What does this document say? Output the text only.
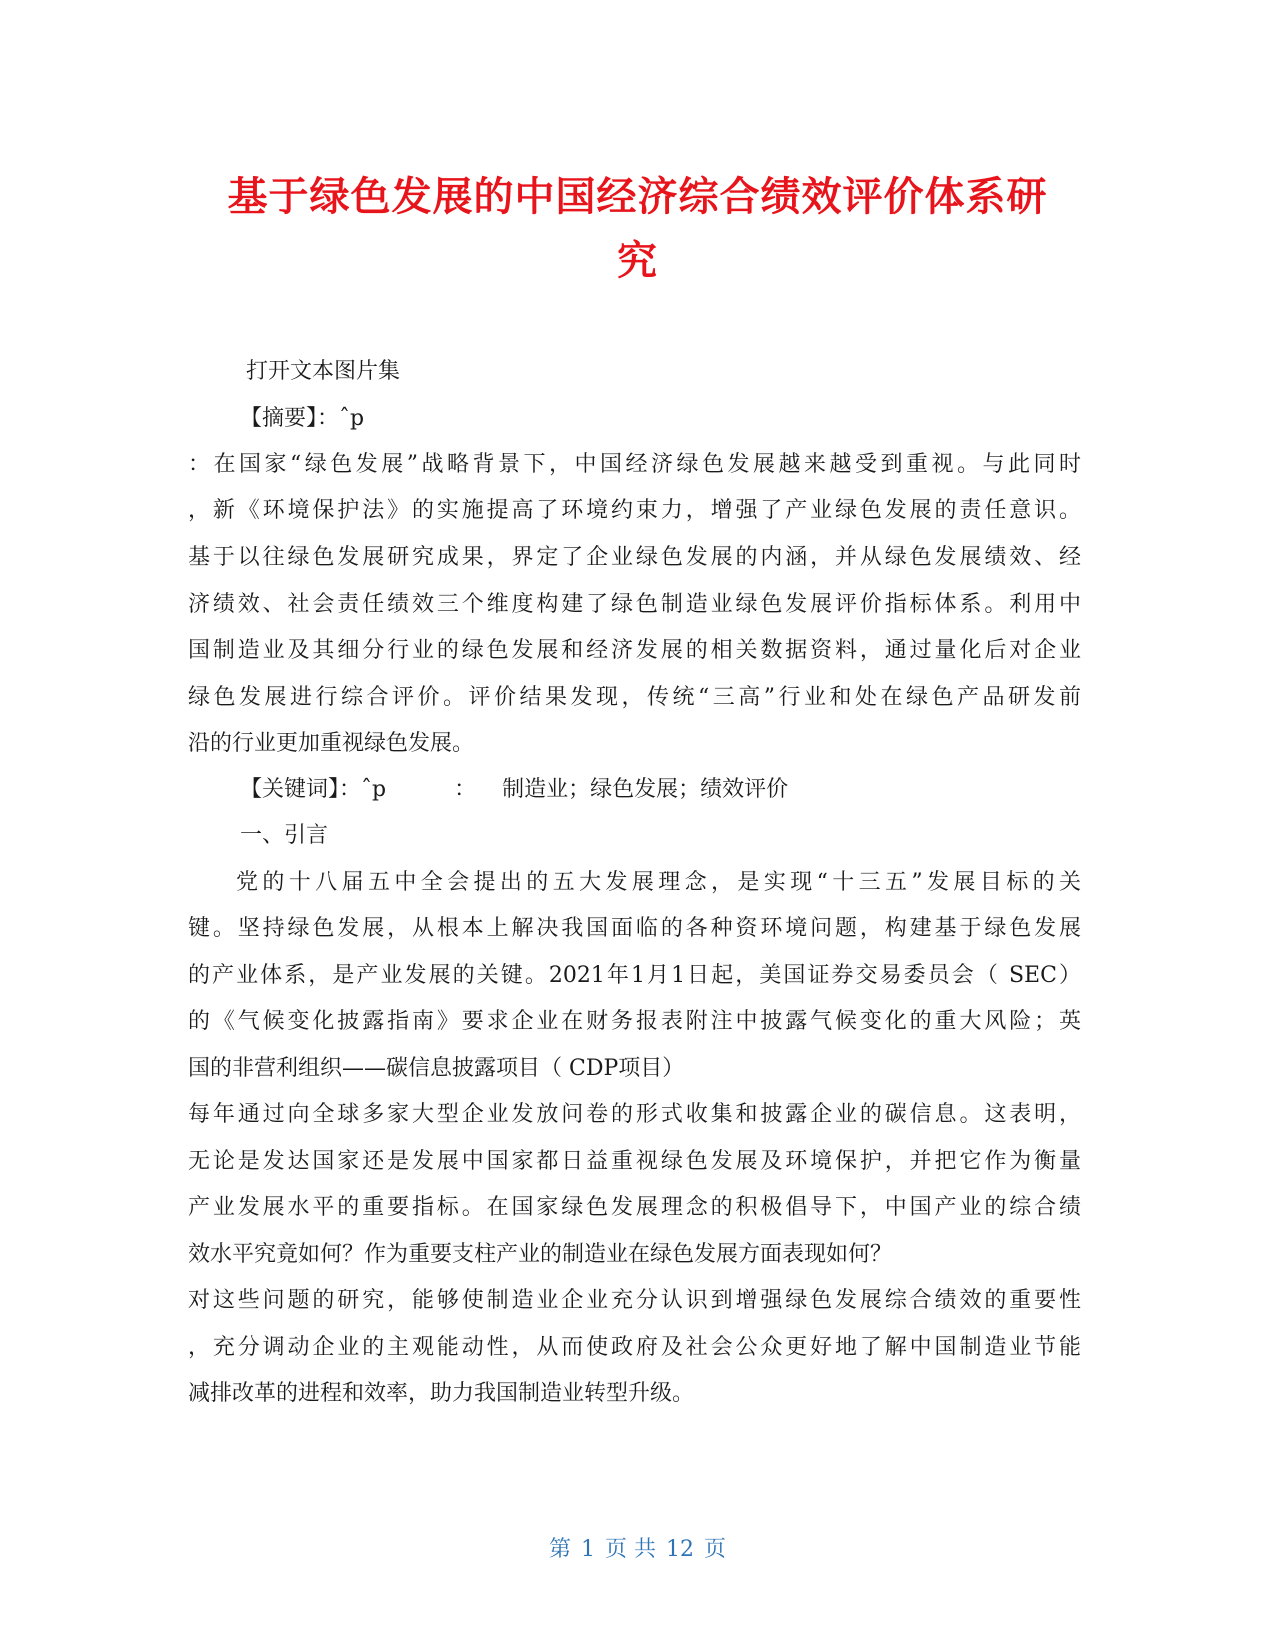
基于绿色发展的中国经济综合绩效评价体系研
究
打开文本图片集
【摘要】：ˆp
：在国家“绿色发展”战略背景下，中国经济绿色发展越来越受到重视。与此同时
，新《环境保护法》的实施提高了环境约束力，增强了产业绿色发展的责任意识。
基于以往绿色发展研究成果，界定了企业绿色发展的内涵，并从绿色发展绩效、经
济绩效、社会责任绩效三个维度构建了绿色制造业绿色发展评价指标体系。利用中
国制造业及其细分行业的绿色发展和经济发展的相关数据资料，通过量化后对企业
绿色发展进行综合评价。评价结果发现，传统“三高”行业和处在绿色产品研发前
沿的行业更加重视绿色发展。
【关键词】：ˆp	： 制造业；绿色发展；绩效评价
一、引言
党的十八届五中全会提出的五大发展理念，是实现“十三五”发展目标的关
键。坚持绿色发展，从根本上解决我国面临的各种资环境问题，构建基于绿色发展
的产业体系，是产业发展的关键。2021年1月1日起，美国证券交易委员会（ SEC）
的《气候变化披露指南》要求企业在财务报表附注中披露气候变化的重大风险；英
国的非营利组织——碳信息披露项目（ CDP项目）
每年通过向全球多家大型企业发放问卷的形式收集和披露企业的碳信息。这表明，
无论是发达国家还是发展中国家都日益重视绿色发展及环境保护，并把它作为衡量
产业发展水平的重要指标。在国家绿色发展理念的积极倡导下，中国产业的综合绩
效水平究竟如何？作为重要支柱产业的制造业在绿色发展方面表现如何？
对这些问题的研究，能够使制造业企业充分认识到增强绿色发展综合绩效的重要性
，充分调动企业的主观能动性，从而使政府及社会公众更好地了解中国制造业节能
减排改革的进程和效率，助力我国制造业转型升级。
第 1 页 共 12 页
